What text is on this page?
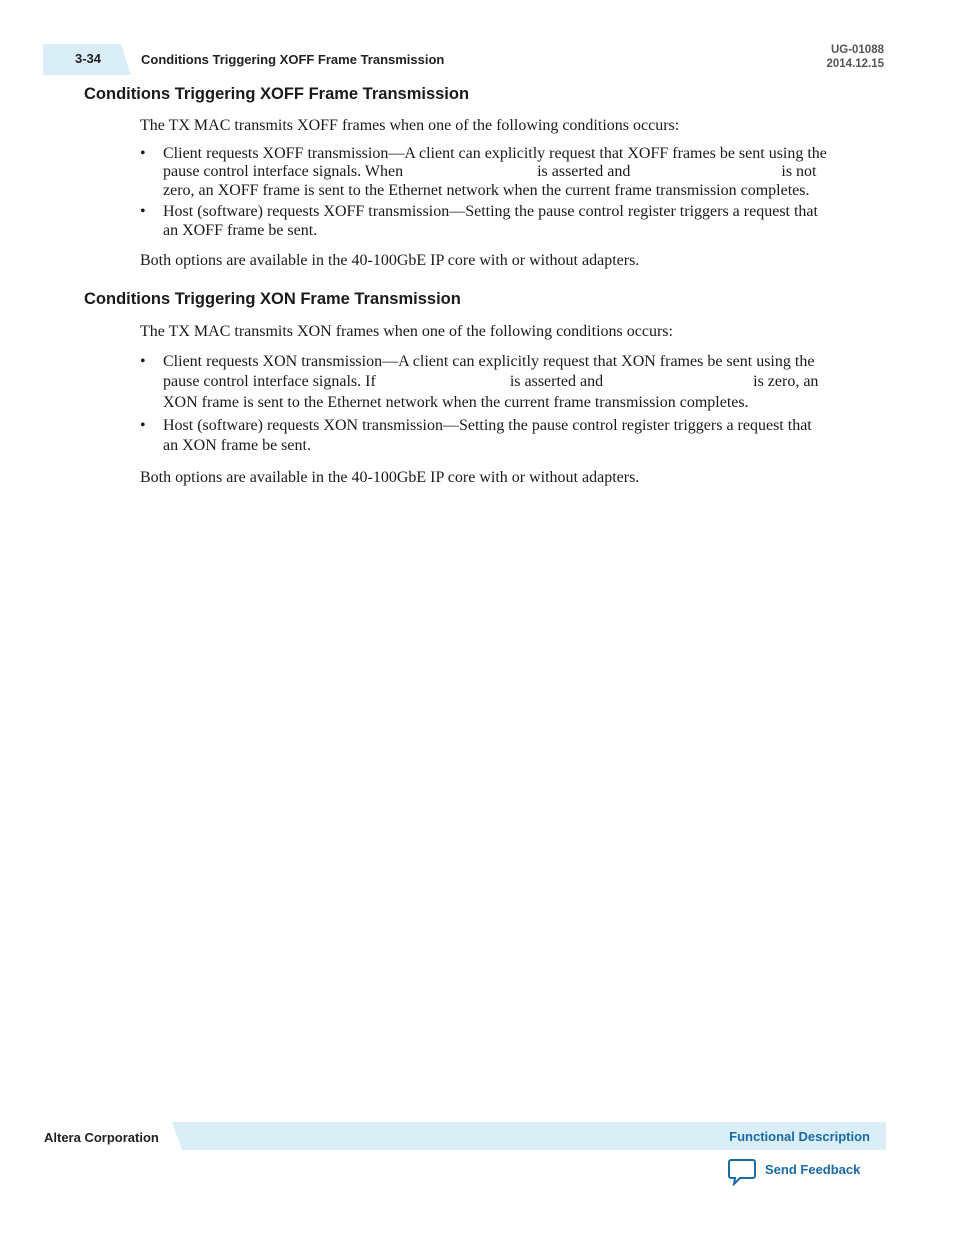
3-34	Conditions Triggering XOFF Frame Transmission
UG-01088
2014.12.15
Conditions Triggering XOFF Frame Transmission

The TX MAC transmits XOFF frames when one of the following conditions occurs:

• Client requests XOFF transmission—A client can explicitly request that XOFF frames be sent using the
pause control interface signals. When	is asserted and	is not
zero, an XOFF frame is sent to the Ethernet network when the current frame transmission completes.
• Host (software) requests XOFF transmission—Setting the pause control register triggers a request that
an XOFF frame be sent.

Both options are available in the 40-100GbE IP core with or without adapters.

Conditions Triggering XON Frame Transmission

The TX MAC transmits XON frames when one of the following conditions occurs:

• Client requests XON transmission—A client can explicitly request that XON frames be sent using the
pause control interface signals. If	is asserted and	is zero, an
XON frame is sent to the Ethernet network when the current frame transmission completes.
• Host (software) requests XON transmission—Setting the pause control register triggers a request that
an XON frame be sent.

Both options are available in the 40-100GbE IP core with or without adapters.

Altera Corporation	Functional Description
Send Feedback
